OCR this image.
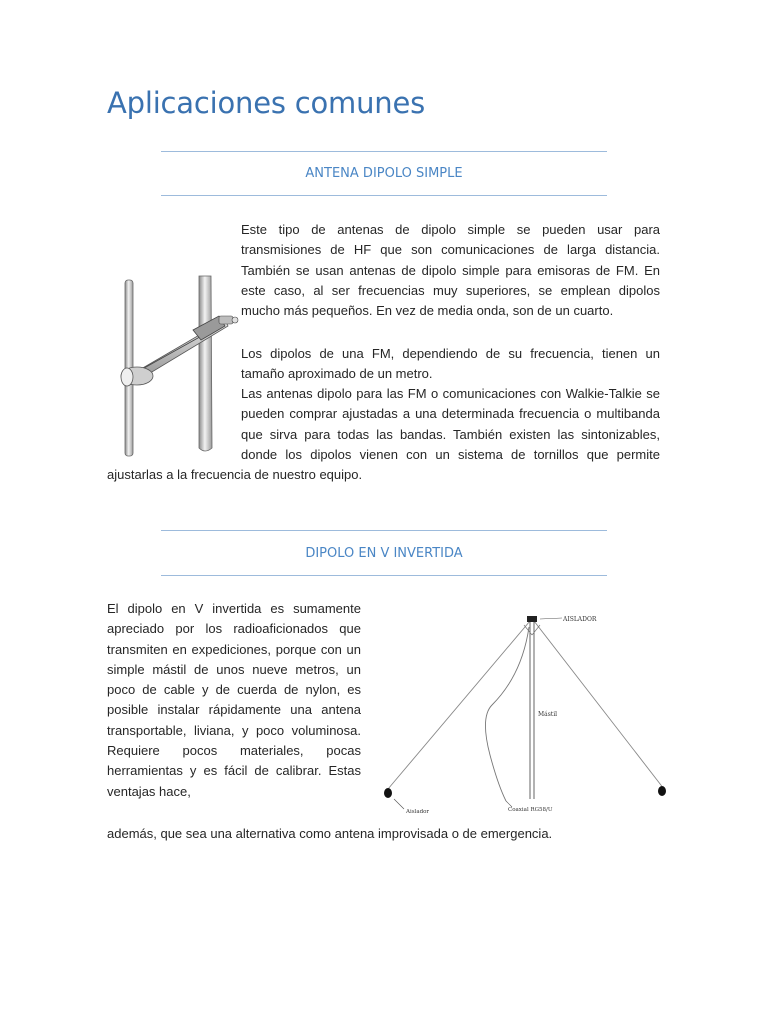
Aplicaciones comunes
ANTENA DIPOLO SIMPLE

Este tipo de antenas de dipolo simple se pueden usar para transmisiones de HF que son comunicaciones de larga distancia. También se usan antenas de dipolo simple para emisoras de FM. En este caso, al ser frecuencias muy superiores, se emplean dipolos mucho más pequeños. En vez de media onda, son de un cuarto.

Los dipolos de una FM, dependiendo de su frecuencia, tienen un tamaño aproximado de un metro.

Las antenas dipolo para las FM o comunicaciones con Walkie-Talkie se pueden comprar ajustadas a una determinada frecuencia o multibanda que sirva para todas las bandas. También existen las sintonizables, donde los dipolos vienen con un sistema de tornillos que permite ajustarlas a la frecuencia de nuestro equipo.

DIPOLO EN V INVERTIDA
El dipolo en V invertida es sumamente apreciado por los radioaficionados que transmiten en expediciones, porque con un simple mástil de unos nueve metros, un poco de cable y de cuerda de nylon, es posible instalar rápidamente una antena transportable, liviana, y poco voluminosa. Requiere pocos materiales, pocas herramientas y es fácil de calibrar. Estas ventajas hace,
además, que sea una alternativa como antena improvisada o de emergencia.
AISLADOR
Mástil
Aislador	Coaxial RG58/U
